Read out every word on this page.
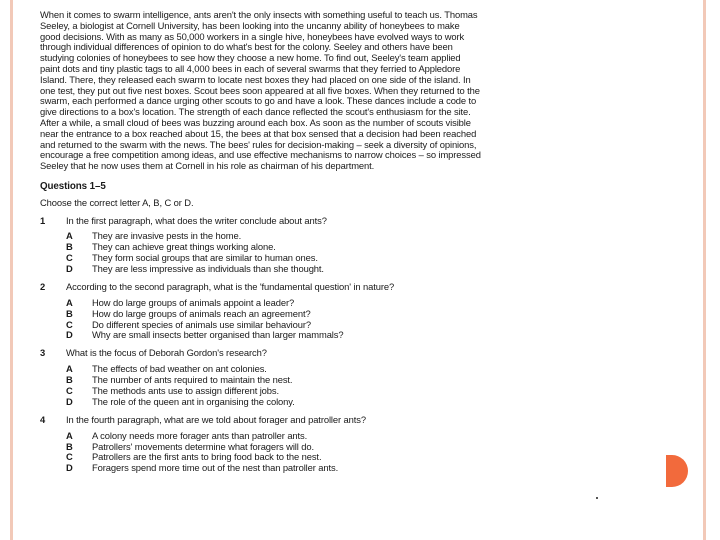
When it comes to swarm intelligence, ants aren't the only insects with something useful to teach us. Thomas

Seeley, a biologist at Cornell University, has been looking into the uncanny ability of honeybees to make

good decisions. With as many as 50,000 workers in a single hive, honeybees have evolved ways to work

through individual differences of opinion to do what's best for the colony. Seeley and others have been

studying colonies of honeybees to see how they choose a new home. To find out, Seeley's team applied

paint dots and tiny plastic tags to all 4,000 bees in each of several swarms that they ferried to Appledore

Island. There, they released each swarm to locate nest boxes they had placed on one side of the island. In

one test, they put out five nest boxes. Scout bees soon appeared at all five boxes. When they returned to the

swarm, each performed a dance urging other scouts to go and have a look. These dances include a code to

give directions to a box's location. The strength of each dance reflected the scout's enthusiasm for the site.

After a while, a small cloud of bees was buzzing around each box. As soon as the number of scouts visible

near the entrance to a box reached about 15, the bees at that box sensed that a decision had been reached

and returned to the swarm with the news. The bees' rules for decision-making – seek a diversity of opinions,

encourage a free competition among ideas, and use effective mechanisms to narrow choices – so impressed

Seeley that he now uses them at Cornell in his role as chairman of his department.

Questions 1–5
Choose the correct letter A, B, C or D.
1	In the first paragraph, what does the writer conclude about ants?
A	They are invasive pests in the home.
B	They can achieve great things working alone.
C	They form social groups that are similar to human ones.
D	They are less impressive as individuals than she thought.
2	According to the second paragraph, what is the 'fundamental question' in nature?
A	How do large groups of animals appoint a leader?
B	How do large groups of animals reach an agreement?
C	Do different species of animals use similar behaviour?
D	Why are small insects better organised than larger mammals?
3	What is the focus of Deborah Gordon's research?
A	The effects of bad weather on ant colonies.
B	The number of ants required to maintain the nest.
C	The methods ants use to assign different jobs.
D	The role of the queen ant in organising the colony.
4	In the fourth paragraph, what are we told about forager and patroller ants?
A	A colony needs more forager ants than patroller ants.
B	Patrollers' movements determine what foragers will do.
C	Patrollers are the first ants to bring food back to the nest.
D	Foragers spend more time out of the nest than patroller ants.
